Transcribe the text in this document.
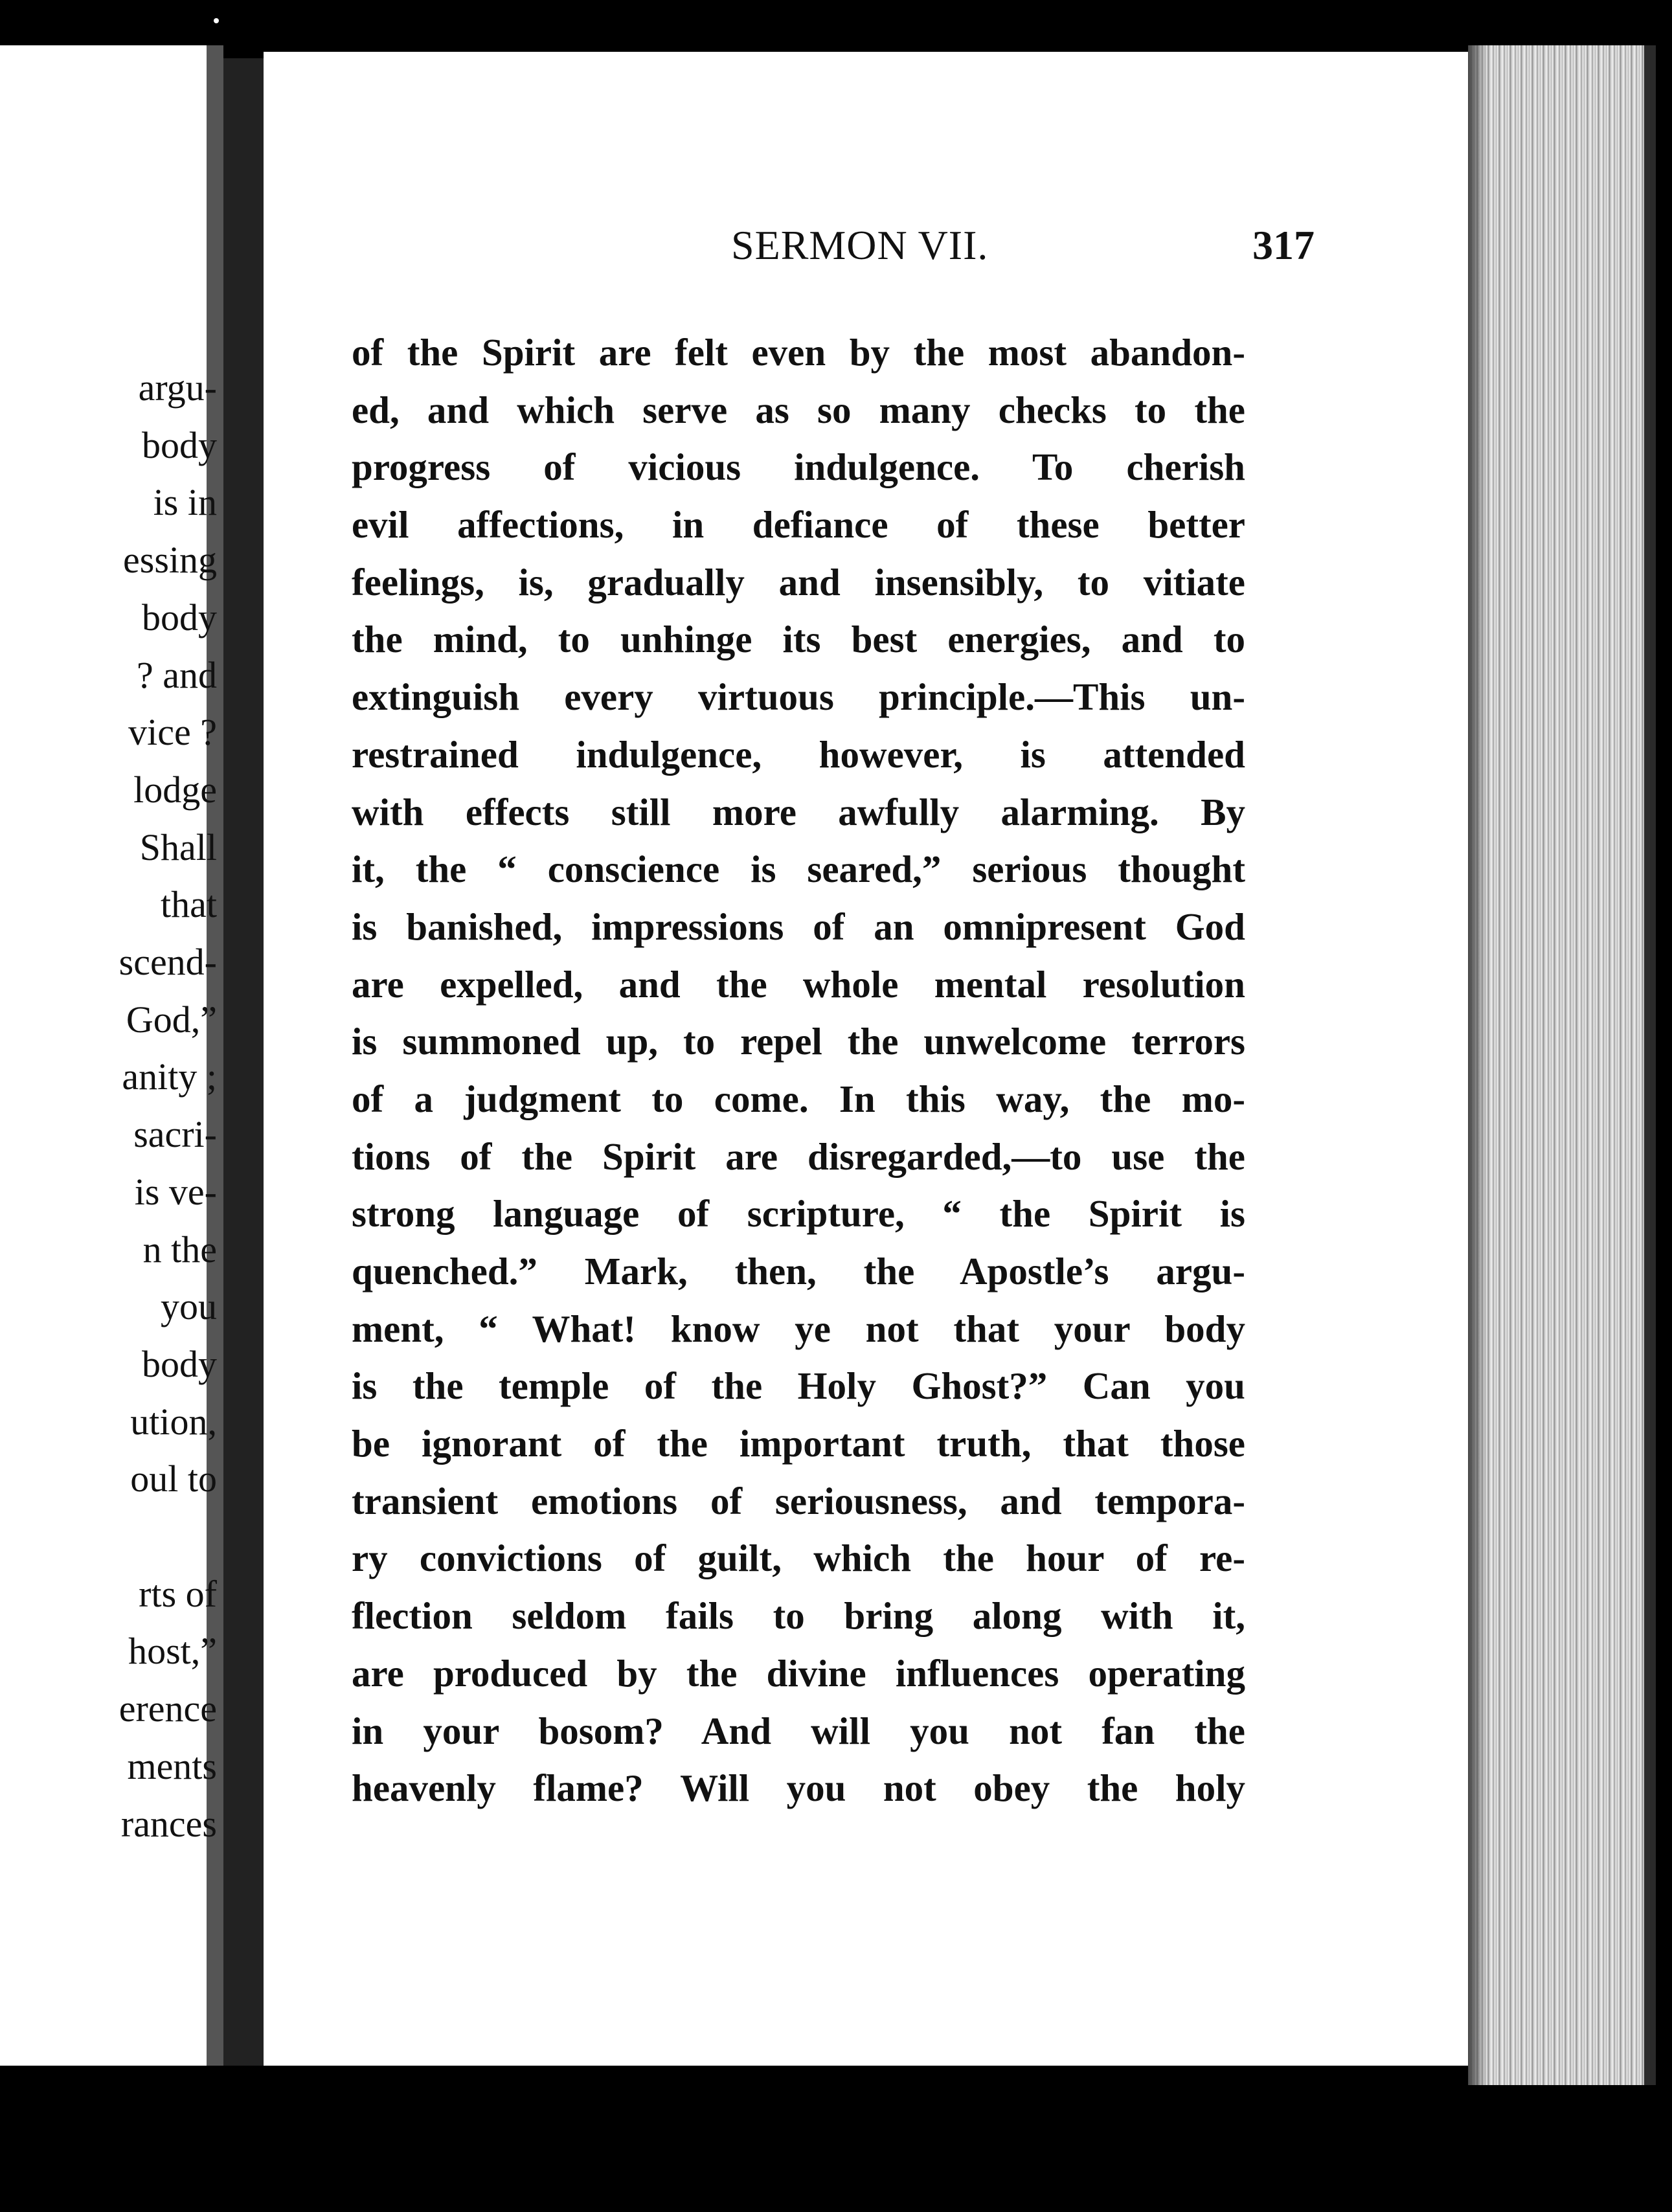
argu-
body
is in
essing
body
? and
vice ?
lodge
Shall
that
scend-
God,”
anity ;
sacri-
is ve-
n the
you
body
ution,
oul to
rts of
host,”
erence
ments
rances
SERMON VII.	317
of the Spirit are felt even by the most abandon-
ed, and which serve as so many checks to the
progress of vicious indulgence. To cherish
evil affections, in defiance of these better
feelings, is, gradually and insensibly, to vitiate
the mind, to unhinge its best energies, and to
extinguish every virtuous principle.—This un-
restrained indulgence, however, is attended
with effects still more awfully alarming. By
it, the “ conscience is seared,” serious thought
is banished, impressions of an omnipresent God
are expelled, and the whole mental resolution
is summoned up, to repel the unwelcome terrors
of a judgment to come. In this way, the mo-
tions of the Spirit are disregarded,—to use the
strong language of scripture, “ the Spirit is
quenched.” Mark, then, the Apostle’s argu-
ment, “ What! know ye not that your body
is the temple of the Holy Ghost?” Can you
be ignorant of the important truth, that those
transient emotions of seriousness, and tempora-
ry convictions of guilt, which the hour of re-
flection seldom fails to bring along with it,
are produced by the divine influences operating
in your bosom? And will you not fan the
heavenly flame? Will you not obey the holy
